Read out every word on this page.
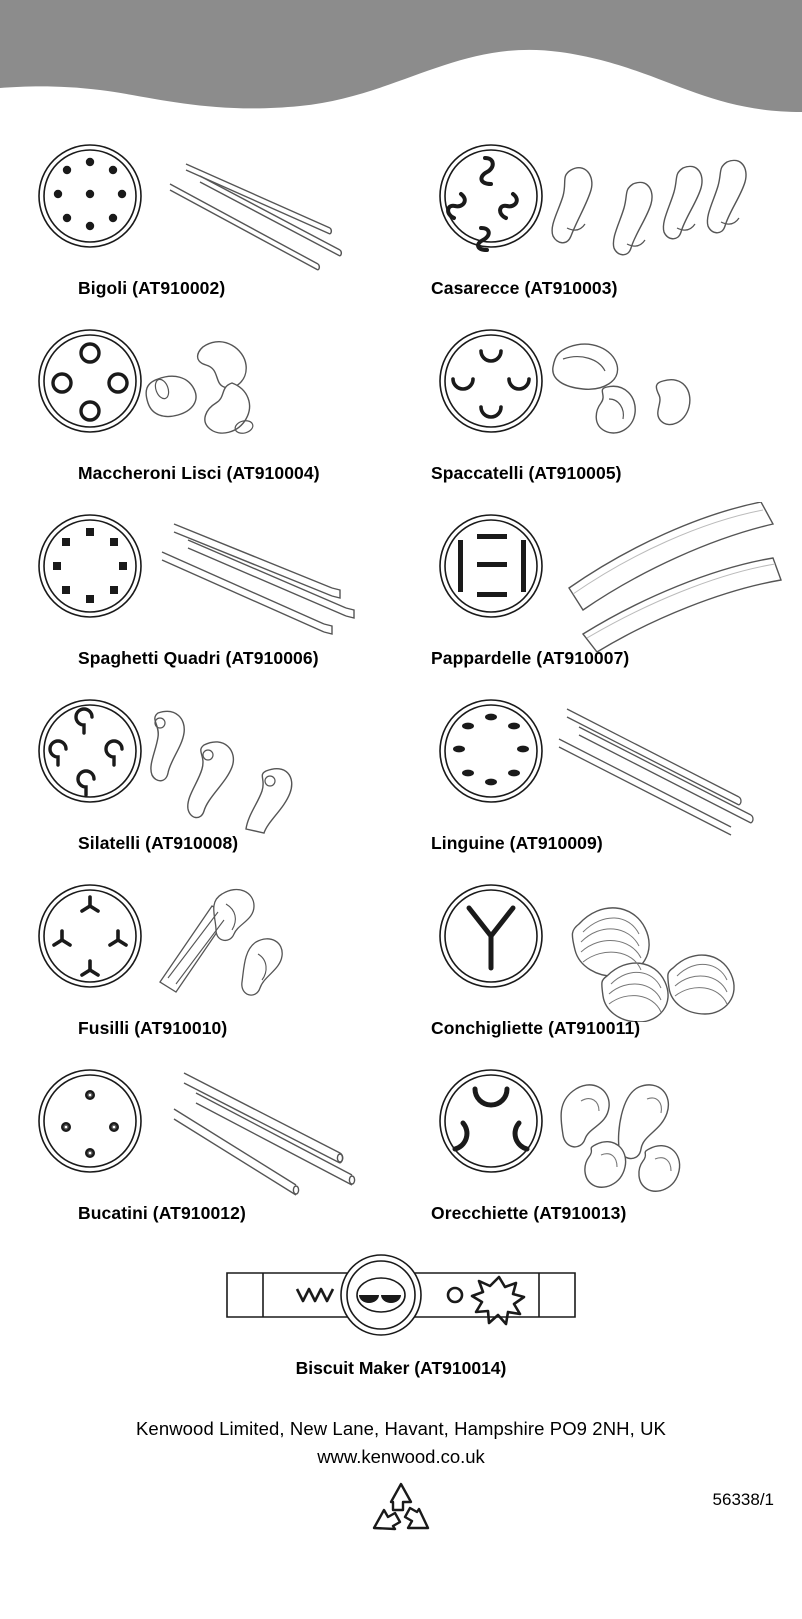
Bigoli (AT910002)	Casarecce (AT910003)
Maccheroni Lisci (AT910004)	Spaccatelli (AT910005)
Spaghetti Quadri (AT910006)	Pappardelle (AT910007)
Silatelli (AT910008)	Linguine (AT910009)
Fusilli (AT910010)	Conchigliette (AT910011)
Bucatini (AT910012)	Orecchiette (AT910013)
Biscuit Maker (AT910014)
Kenwood Limited, New Lane, Havant, Hampshire PO9 2NH, UK
www.kenwood.co.uk
56338/1
